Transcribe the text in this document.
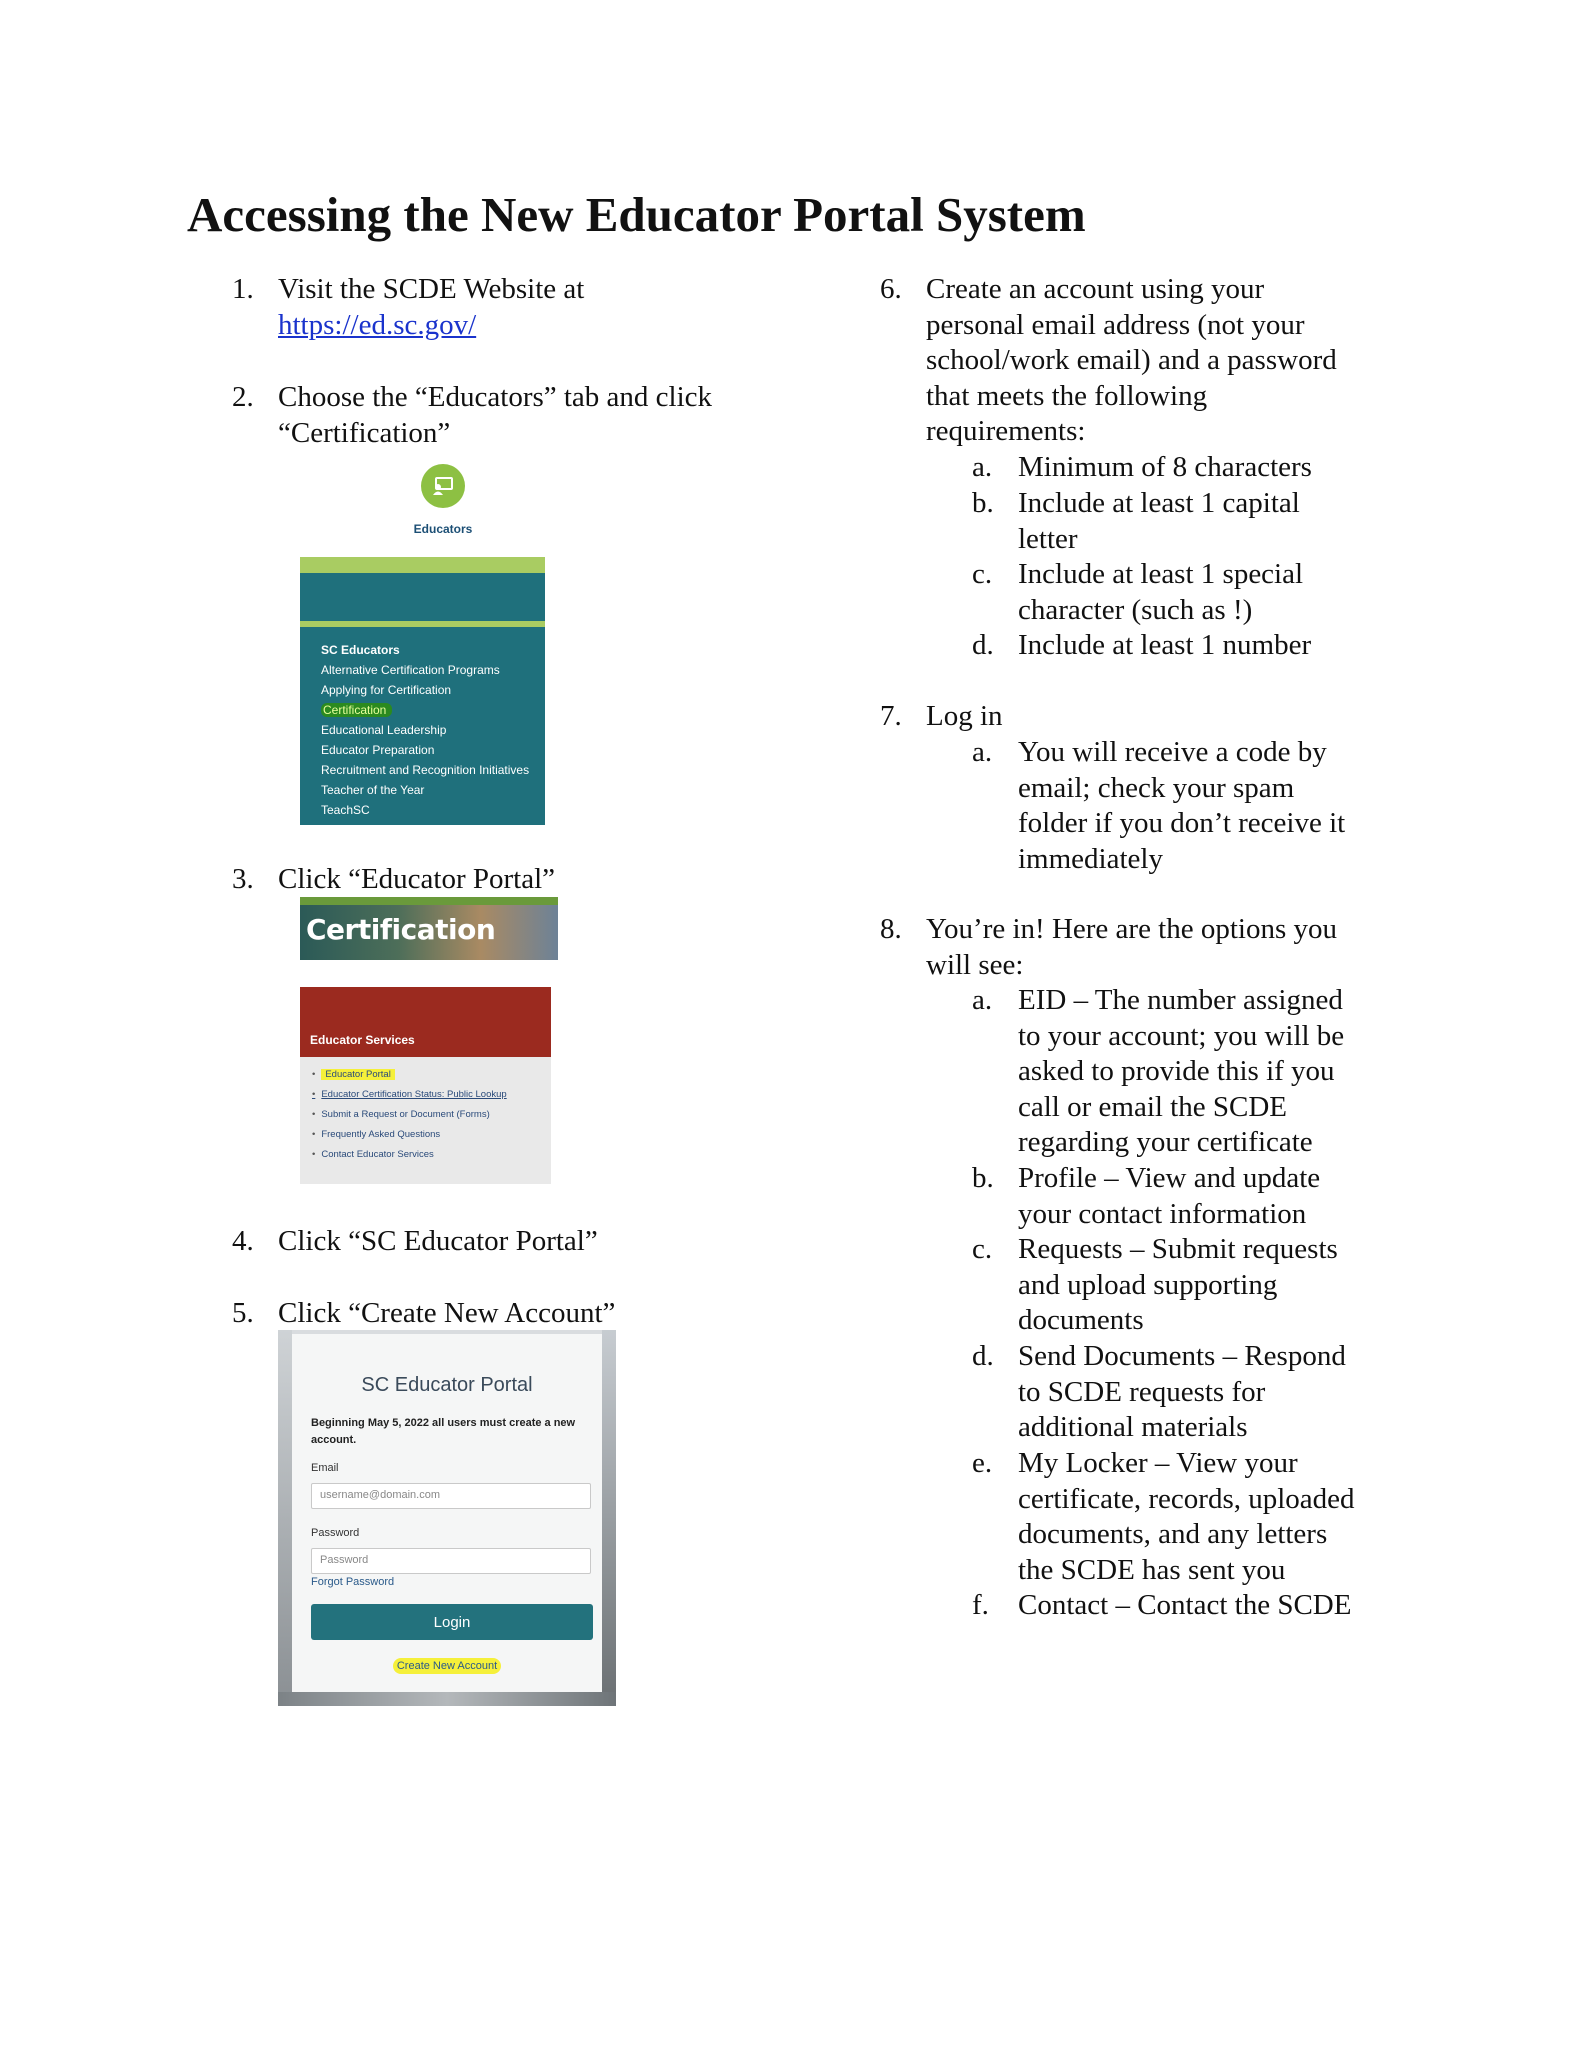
Accessing the New Educator Portal System
1. Visit the SCDE Website at
https://ed.sc.gov/
2. Choose the “Educators” tab and click
“Certification”
Educators
SC Educators
Alternative Certification Programs
Applying for Certification
Certification
Educational Leadership
Educator Preparation
Recruitment and Recognition Initiatives
Teacher of the Year
TeachSC
3. Click “Educator Portal”
Certification
Educator Services
• Educator Portal
• Educator Certification Status: Public Lookup
• Submit a Request or Document (Forms)
• Frequently Asked Questions
• Contact Educator Services
4. Click “SC Educator Portal”
5. Click “Create New Account”
SC Educator Portal
Beginning May 5, 2022 all users must create a new account.
Email
username@domain.com
Password
Password
Forgot Password
Login
Create New Account
6. Create an account using your
personal email address (not your
school/work email) and a password
that meets the following
requirements:
a. Minimum of 8 characters
b. Include at least 1 capital
letter
c. Include at least 1 special
character (such as !)
d. Include at least 1 number
7. Log in
a. You will receive a code by
email; check your spam
folder if you don’t receive it
immediately
8. You’re in! Here are the options you
will see:
a. EID – The number assigned
to your account; you will be
asked to provide this if you
call or email the SCDE
regarding your certificate
b. Profile – View and update
your contact information
c. Requests – Submit requests
and upload supporting
documents
d. Send Documents – Respond
to SCDE requests for
additional materials
e. My Locker – View your
certificate, records, uploaded
documents, and any letters
the SCDE has sent you
f. Contact – Contact the SCDE
